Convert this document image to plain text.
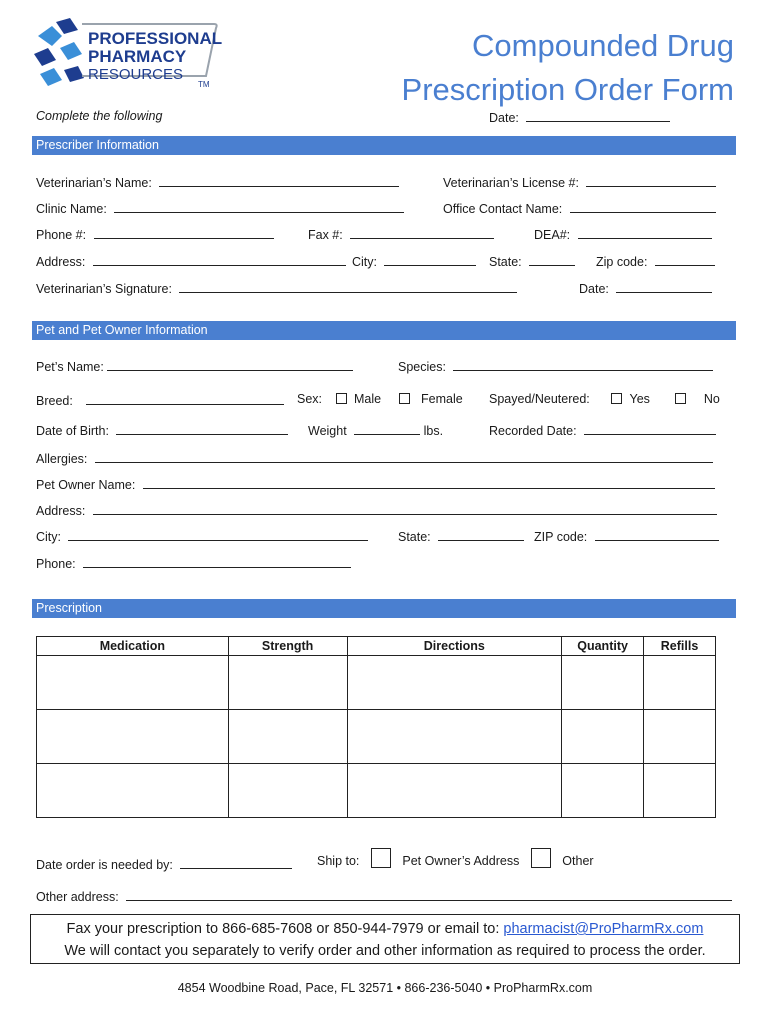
PROFESSIONAL
PHARMACY
RESOURCES
TM
Compounded Drug
Prescription Order Form
Complete the following	Date:
Prescriber Information
Veterinarian’s Name:	Veterinarian’s License #:
Clinic Name:	Office Contact Name:
Phone #:	Fax #:	DEA#:
Address:	City:	State:	Zip code:
Veterinarian’s Signature:	Date:
Pet and Pet Owner Information
Pet’s Name:	Species:
Breed:	Sex:	Male	Female Spayed/Neutered:	Yes	No
Date of Birth:	Weight	lbs.	Recorded Date:
Allergies:
Pet Owner Name:
Address:
City:	State:	ZIP code:
Phone:
Prescription
Medication	Strength	Directions	Quantity	Refills

Date order is needed by:	Ship to:	Pet Owner’s Address	Other
Other address:
Fax your prescription to 866-685-7608 or 850-944-7979 or email to: pharmacist@ProPharmRx.com
We will contact you separately to verify order and other information as required to process the order.
4854 Woodbine Road, Pace, FL 32571 • 866-236-5040 • ProPharmRx.com
